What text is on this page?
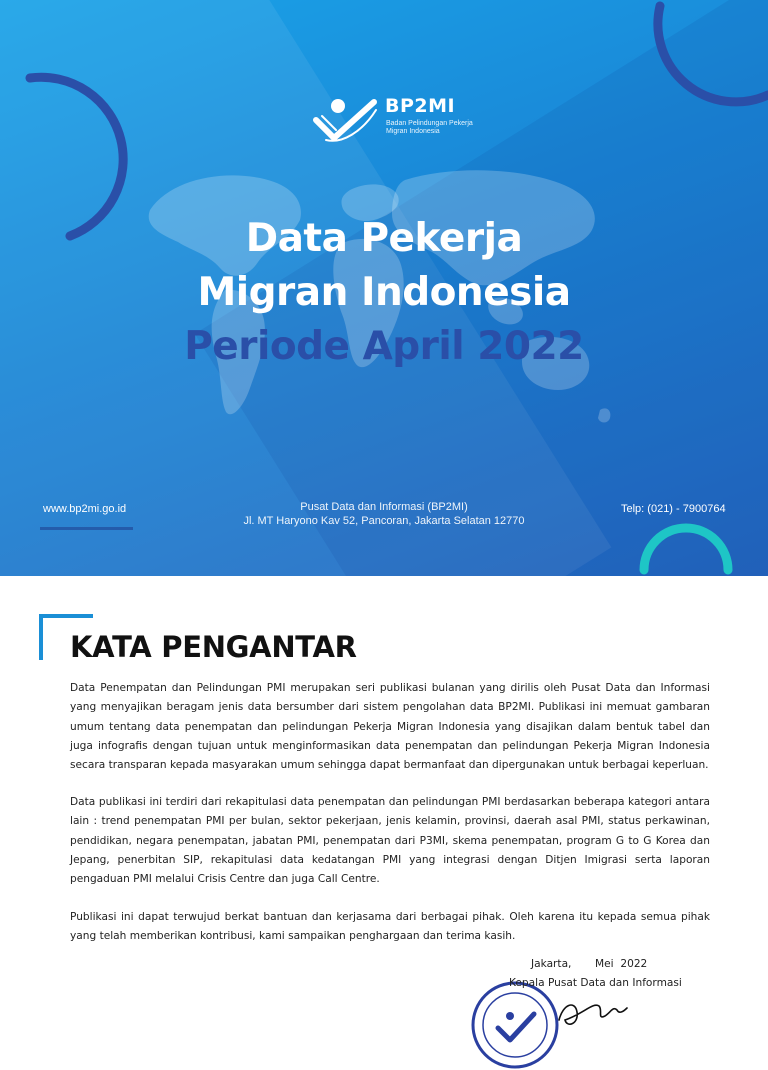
BP2MI
Badan Pelindungan Pekerja Migran Indonesia
Data Pekerja
Migran Indonesia
Periode April 2022
www.bp2mi.go.id	Pusat Data dan Informasi (BP2MI)
Jl. MT Haryono Kav 52, Pancoran, Jakarta Selatan 12770
Telp: (021) - 7900764
KATA PENGANTAR

Data Penempatan dan Pelindungan PMI merupakan seri publikasi bulanan yang dirilis oleh Pusat Data dan Informasi yang menyajikan beragam jenis data bersumber dari sistem pengolahan data BP2MI. Publikasi ini memuat gambaran umum tentang data penempatan dan pelindungan Pekerja Migran Indonesia yang disajikan dalam bentuk tabel dan juga infografis dengan tujuan untuk menginformasikan data penempatan dan pelindungan Pekerja Migran Indonesia secara transparan kepada masyarakan umum sehingga dapat bermanfaat dan dipergunakan untuk berbagai keperluan.

Data publikasi ini terdiri dari rekapitulasi data penempatan dan pelindungan PMI berdasarkan beberapa kategori antara lain : trend penempatan PMI per bulan, sektor pekerjaan, jenis kelamin, provinsi, daerah asal PMI, status perkawinan, pendidikan, negara penempatan, jabatan PMI, penempatan dari P3MI, skema penempatan, program G to G Korea dan Jepang, penerbitan SIP, rekapitulasi data kedatangan PMI yang integrasi dengan Ditjen Imigrasi serta laporan pengaduan PMI melalui Crisis Centre dan juga Call Centre.

Publikasi ini dapat terwujud berkat bantuan dan kerjasama dari berbagai pihak. Oleh karena itu kepada semua pihak yang telah memberikan kontribusi, kami sampaikan penghargaan dan terima kasih.

Jakarta,       Mei  2022
Kepala Pusat Data dan Informasi
